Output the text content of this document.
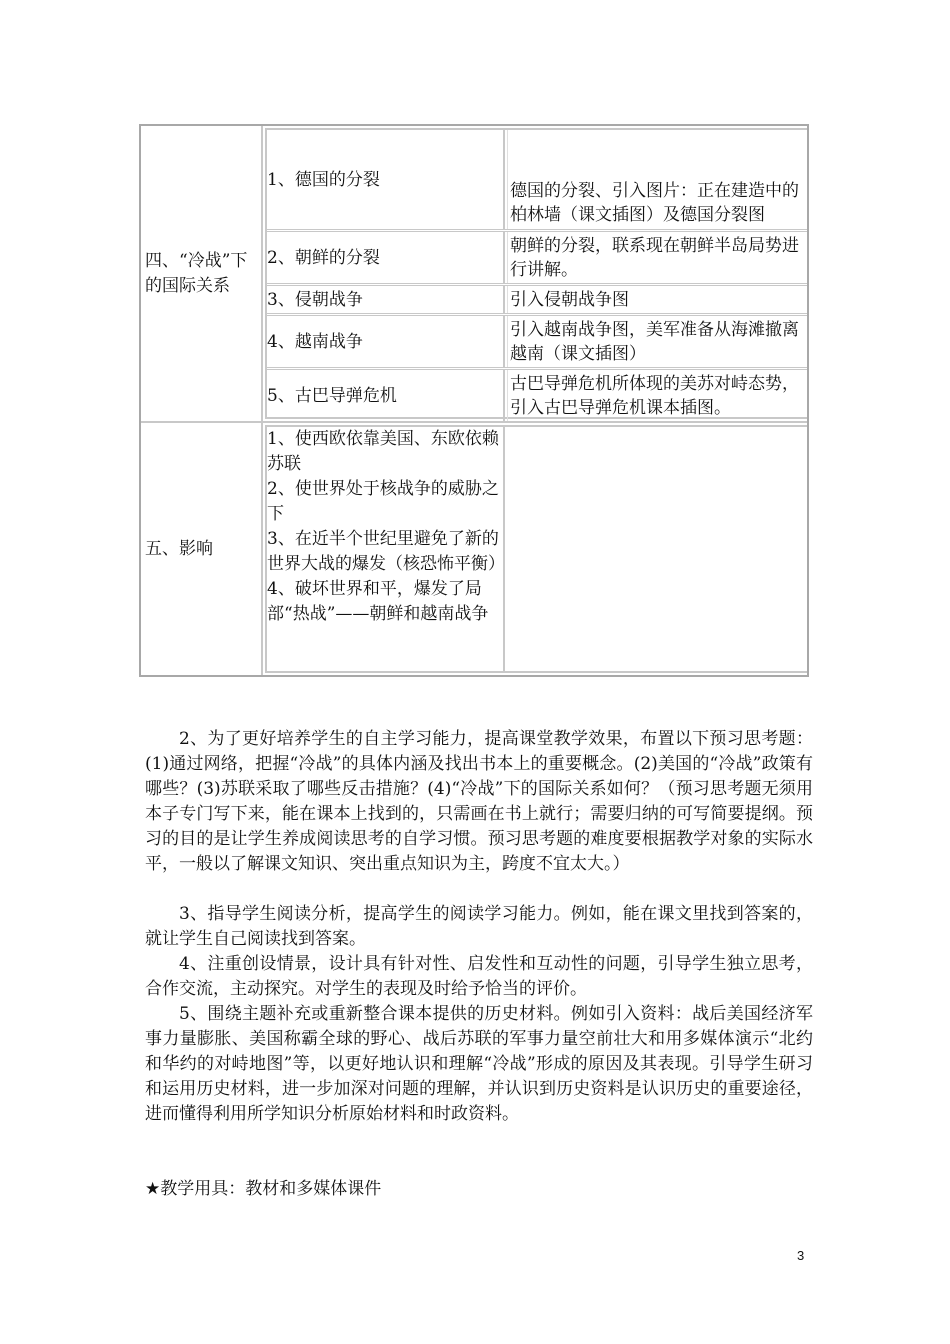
四、“冷战”下的国际关系
1、德国的分裂
德国的分裂、引入图片：正在建造中的柏林墙（课文插图）及德国分裂图
2、朝鲜的分裂
朝鲜的分裂，联系现在朝鲜半岛局势进行讲解。
3、侵朝战争	引入侵朝战争图
4、越南战争
引入越南战争图，美军准备从海滩撤离越南（课文插图）
5、古巴导弹危机
古巴导弹危机所体现的美苏对峙态势，引入古巴导弹危机课本插图。
五、影响

1、使西欧依靠美国、东欧依赖苏联

2、使世界处于核战争的威胁之下

3、在近半个世纪里避免了新的世界大战的爆发（核恐怖平衡）

4、破坏世界和平，爆发了局部“热战”——朝鲜和越南战争

2、为了更好培养学生的自主学习能力，提高课堂教学效果，布置以下预习思考题：(1)通过网络，把握“冷战”的具体内涵及找出书本上的重要概念。(2)美国的“冷战”政策有哪些？(3)苏联采取了哪些反击措施？(4)“冷战”下的国际关系如何？（预习思考题无须用本子专门写下来，能在课本上找到的，只需画在书上就行；需要归纳的可写简要提纲。预习的目的是让学生养成阅读思考的自学习惯。预习思考题的难度要根据教学对象的实际水平，一般以了解课文知识、突出重点知识为主，跨度不宜太大。）

3、指导学生阅读分析，提高学生的阅读学习能力。例如，能在课文里找到答案的，就让学生自己阅读找到答案。

4、注重创设情景，设计具有针对性、启发性和互动性的问题，引导学生独立思考，合作交流，主动探究。对学生的表现及时给予恰当的评价。

5、围绕主题补充或重新整合课本提供的历史材料。例如引入资料：战后美国经济军事力量膨胀、美国称霸全球的野心、战后苏联的军事力量空前壮大和用多媒体演示“北约和华约的对峙地图”等，以更好地认识和理解“冷战”形成的原因及其表现。引导学生研习和运用历史材料，进一步加深对问题的理解，并认识到历史资料是认识历史的重要途径，进而懂得利用所学知识分析原始材料和时政资料。

★教学用具：教材和多媒体课件

3
